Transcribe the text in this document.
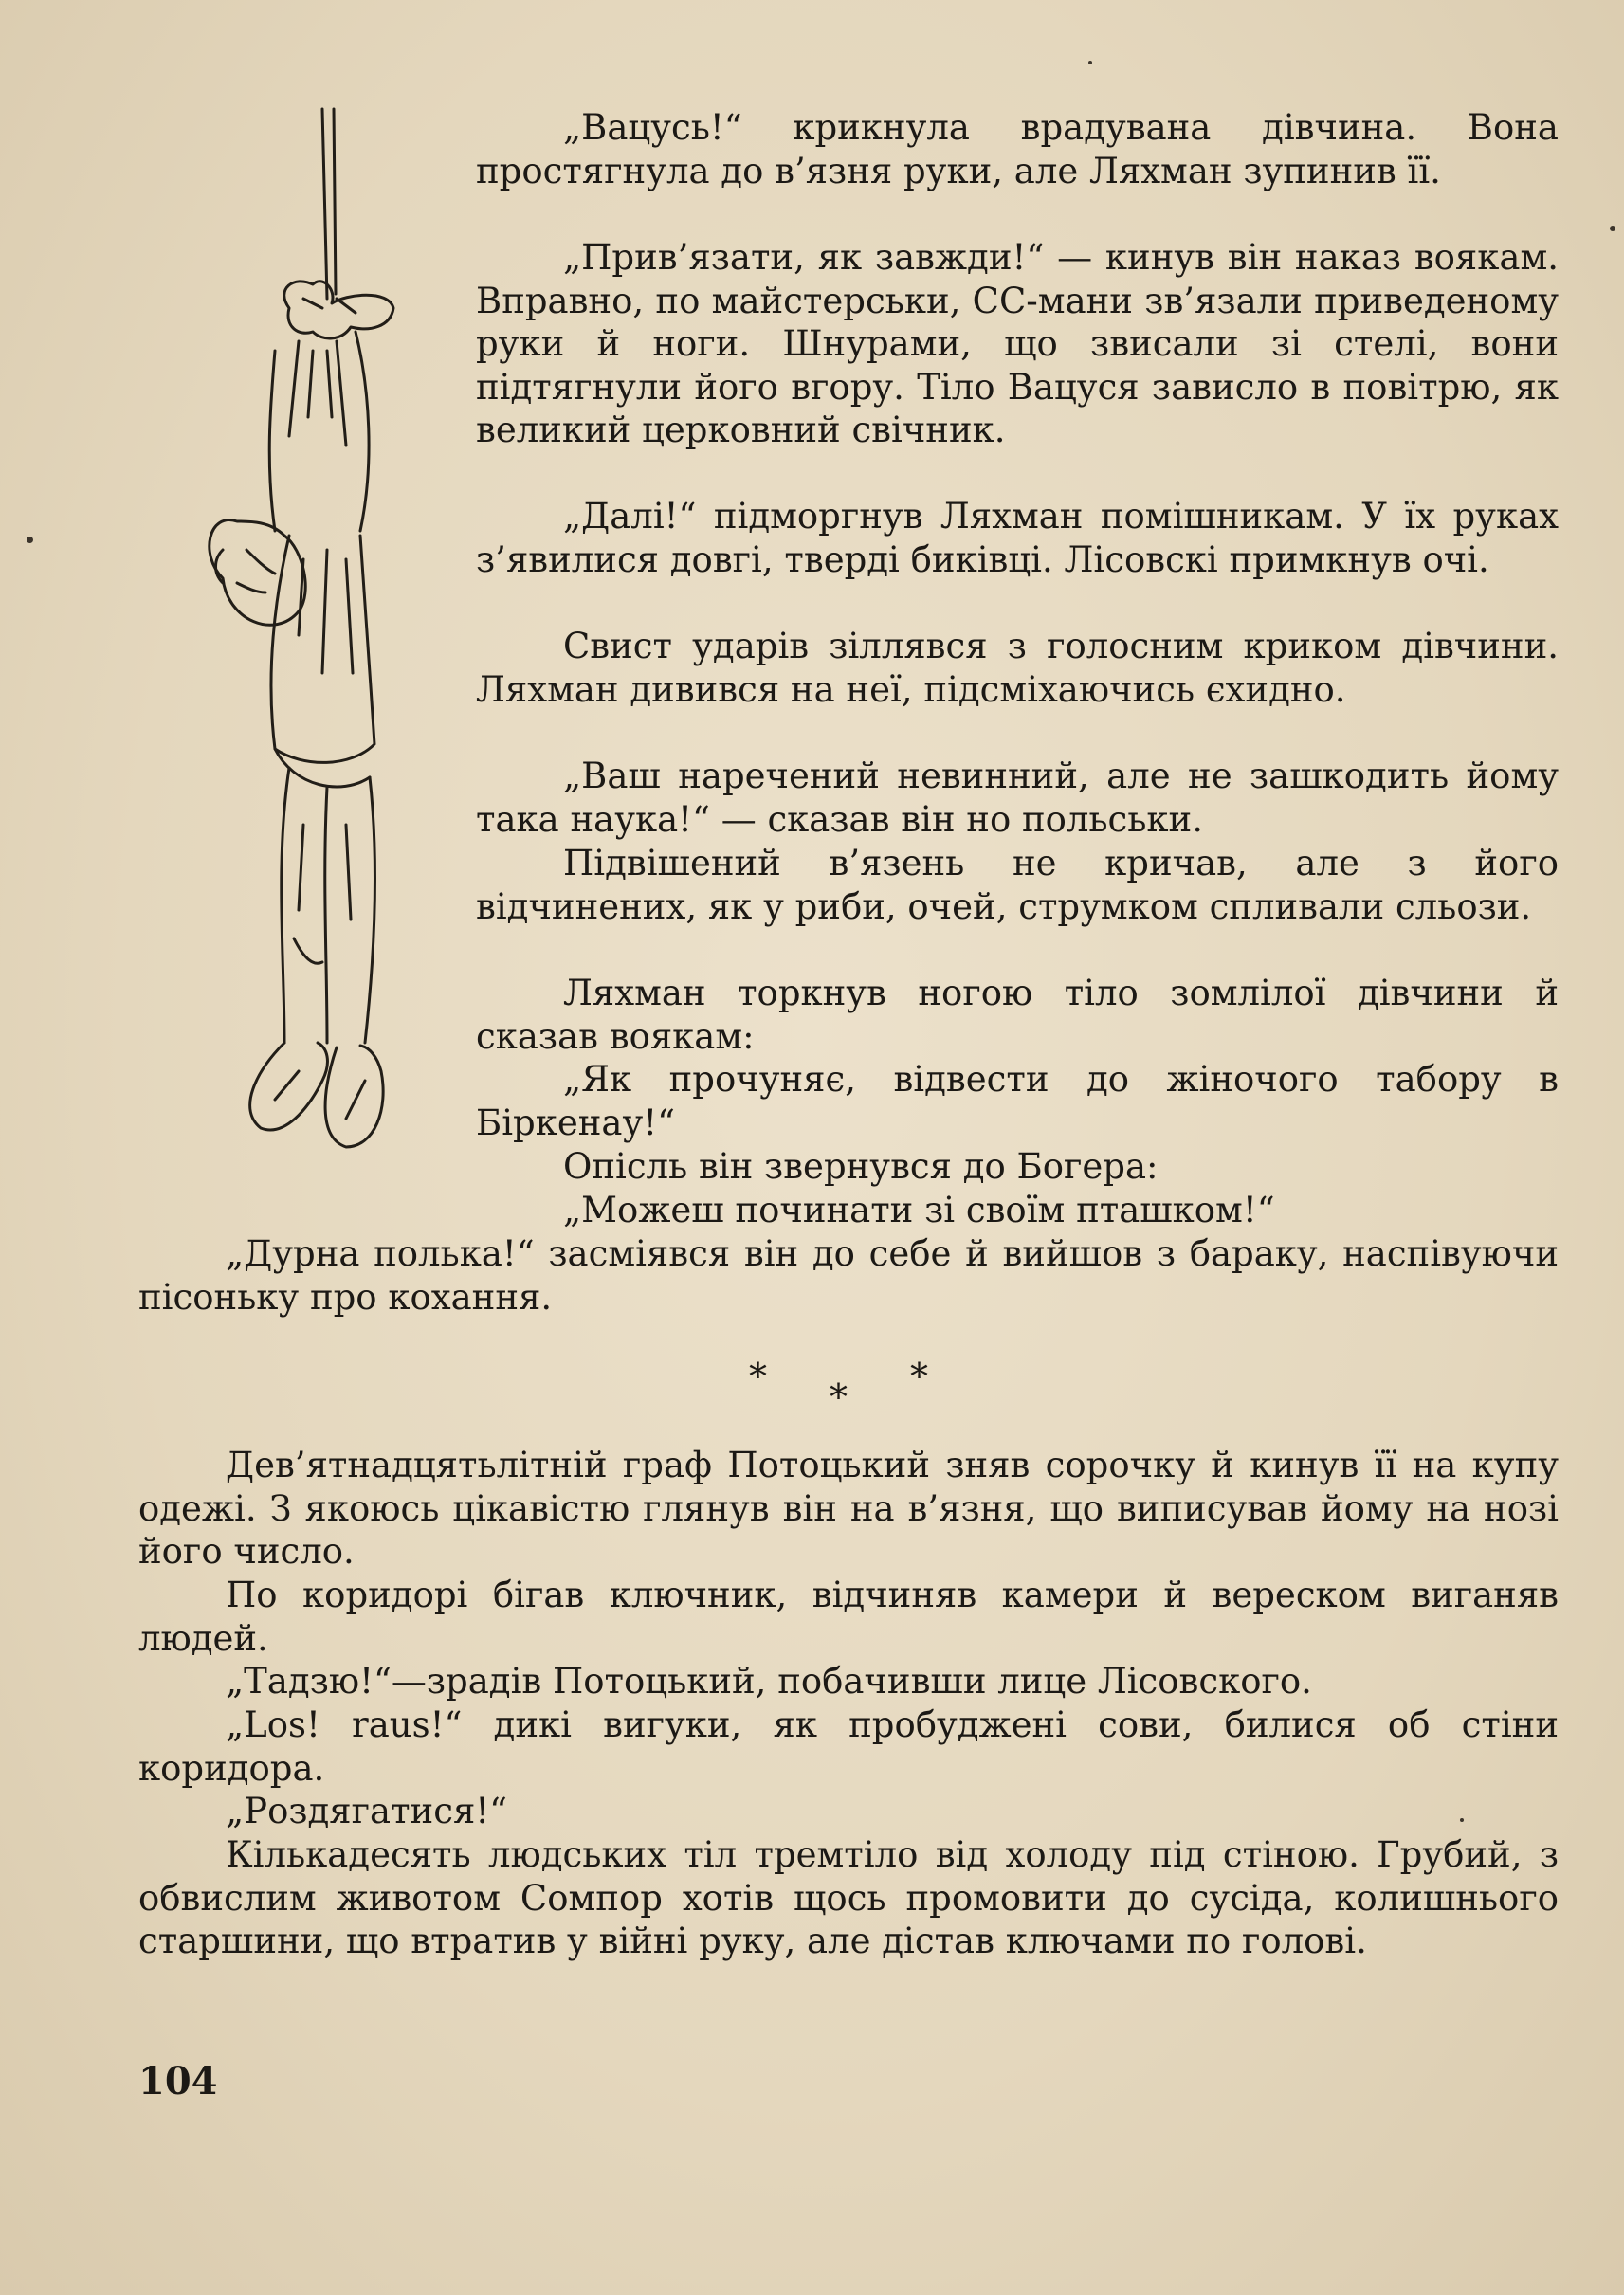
„Вацусь!“ крикнула врадувана дівчина. Вона простягнула до в’язня руки, але Ляхман зупинив її.

„Прив’язати, як завжди!“ — кинув він наказ воякам. Вправно, по майстерськи, СС-мани зв’язали приведеному руки й ноги. Шнурами, що звисали зі стелі, вони підтягнули його вгору. Тіло Вацуся зависло в повітрю, як великий церковний свічник.

„Далі!“ підморгнув Ляхман помішникам. У їх руках з’явилися довгі, тверді биківці. Лісовскі примкнув очі.

Свист ударів зіллявся з голосним криком дівчини. Ляхман дивився на неї, підсміхаючись єхидно.

„Ваш наречений невинний, але не зашкодить йому така наука!“ — сказав він но польськи.

Підвішений в’язень не кричав, але з його відчинених, як у риби, очей, струмком спливали сльози.

Ляхман торкнув ногою тіло зомлілої дівчини й сказав воякам:

„Як прочуняє, відвести до жіночого табору в Біркенау!“

Опісль він звернувся до Богера:

„Можеш починати зі своїм пташком!“

„Дурна полька!“ засміявся він до себе й вийшов з бараку, наспівуючи пісоньку про кохання.

* * *

Дев’ятнадцятьлітній граф Потоцький зняв сорочку й кинув її на купу одежі. З якоюсь цікавістю глянув він на в’язня, що виписував йому на нозі його число.

По коридорі бігав ключник, відчиняв камери й вереском виганяв людей.

„Тадзю!“—зрадів Потоцький, побачивши лице Лісовского.

„Los! raus!“ дикі вигуки, як пробуджені сови, билися об стіни коридора.

„Роздягатися!“

Кількадесять людських тіл тремтіло від холоду під стіною. Грубий, з обвислим животом Сомпор хотів щось промовити до сусіда, колишнього старшини, що втратив у війні руку, але дістав ключами по голові.

104
